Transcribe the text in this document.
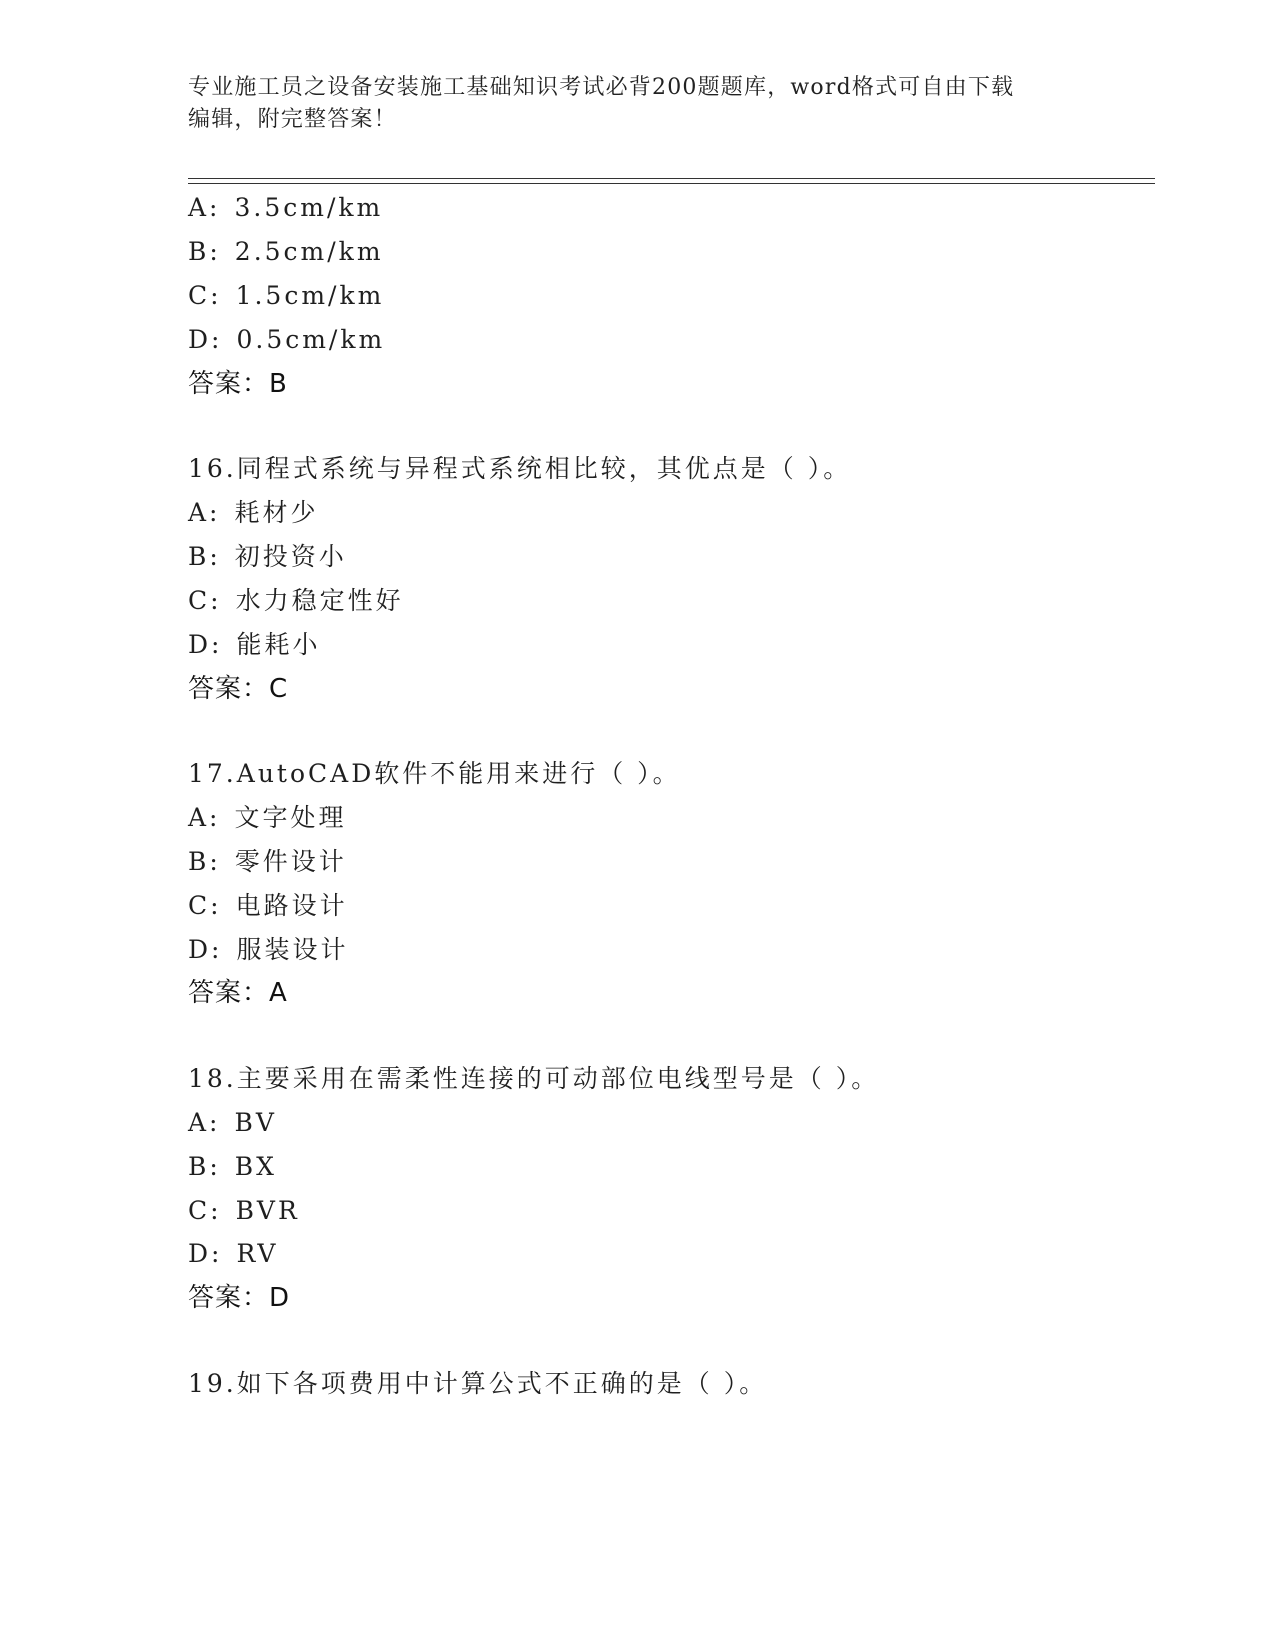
专业施工员之设备安装施工基础知识考试必背200题题库，word格式可自由下载
编辑，附完整答案！
A: 3.5cm/km
B: 2.5cm/km
C: 1.5cm/km
D: 0.5cm/km
答案：B
16.同程式系统与异程式系统相比较，其优点是（ ）。
A: 耗材少
B: 初投资小
C: 水力稳定性好
D: 能耗小
答案：C
17.AutoCAD软件不能用来进行（ ）。
A: 文字处理
B: 零件设计
C: 电路设计
D: 服装设计
答案：A
18.主要采用在需柔性连接的可动部位电线型号是（ ）。
A: BV
B: BX
C: BVR
D: RV
答案：D
19.如下各项费用中计算公式不正确的是（ ）。
